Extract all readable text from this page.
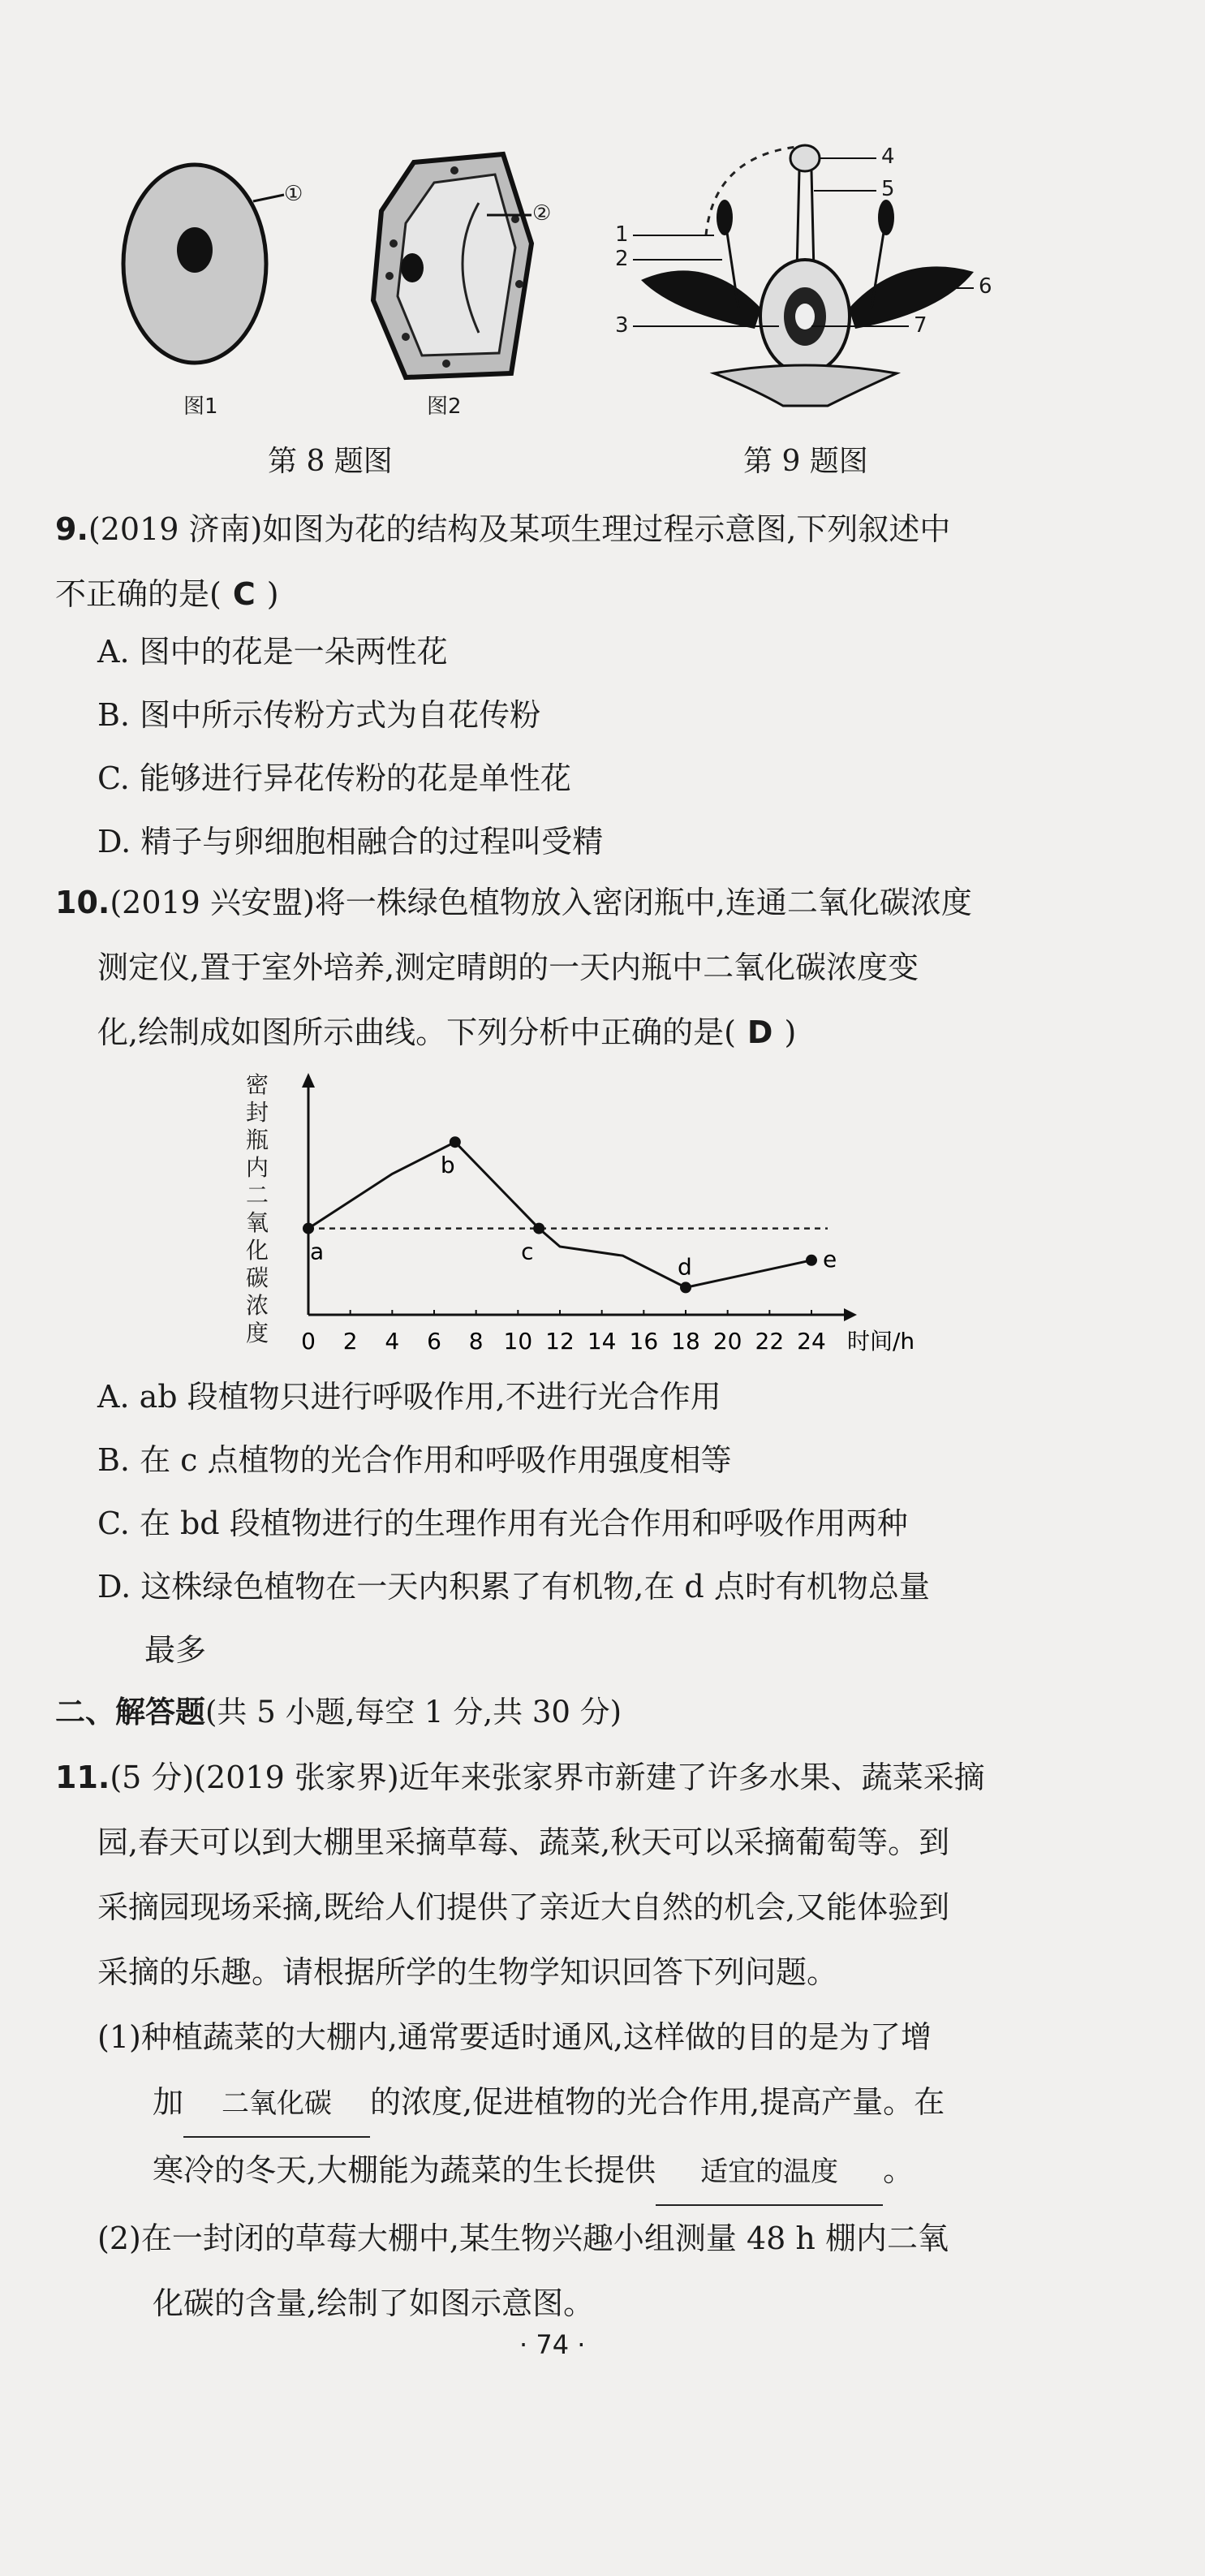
①
图1
②
图2
第 8 题图
1
2
3
4
5
6
7
第 9 题图
9.(2019 济南)如图为花的结构及某项生理过程示意图,下列叙述中
不正确的是( C )
A. 图中的花是一朵两性花
B. 图中所示传粉方式为自花传粉
C. 能够进行异花传粉的花是单性花
D. 精子与卵细胞相融合的过程叫受精
10.(2019 兴安盟)将一株绿色植物放入密闭瓶中,连通二氧化碳浓度
测定仪,置于室外培养,测定晴朗的一天内瓶中二氧化碳浓度变
化,绘制成如图所示曲线。下列分析中正确的是( D )
密封瓶内二氧化碳浓度 0 2 4 6 8 10 12 14 16 18 20 22 24 时间/h
a
b
c
d	e
A. ab 段植物只进行呼吸作用,不进行光合作用
B. 在 c 点植物的光合作用和呼吸作用强度相等
C. 在 bd 段植物进行的生理作用有光合作用和呼吸作用两种
D. 这株绿色植物在一天内积累了有机物,在 d 点时有机物总量
最多
二、解答题(共 5 小题,每空 1 分,共 30 分)
11.(5 分)(2019 张家界)近年来张家界市新建了许多水果、蔬菜采摘
园,春天可以到大棚里采摘草莓、蔬菜,秋天可以采摘葡萄等。到
采摘园现场采摘,既给人们提供了亲近大自然的机会,又能体验到
采摘的乐趣。请根据所学的生物学知识回答下列问题。
(1)种植蔬菜的大棚内,通常要适时通风,这样做的目的是为了增
加 二氧化碳 的浓度,促进植物的光合作用,提高产量。在
寒冷的冬天,大棚能为蔬菜的生长提供 适宜的温度 。
(2)在一封闭的草莓大棚中,某生物兴趣小组测量 48 h 棚内二氧
化碳的含量,绘制了如图示意图。
· 74 ·
